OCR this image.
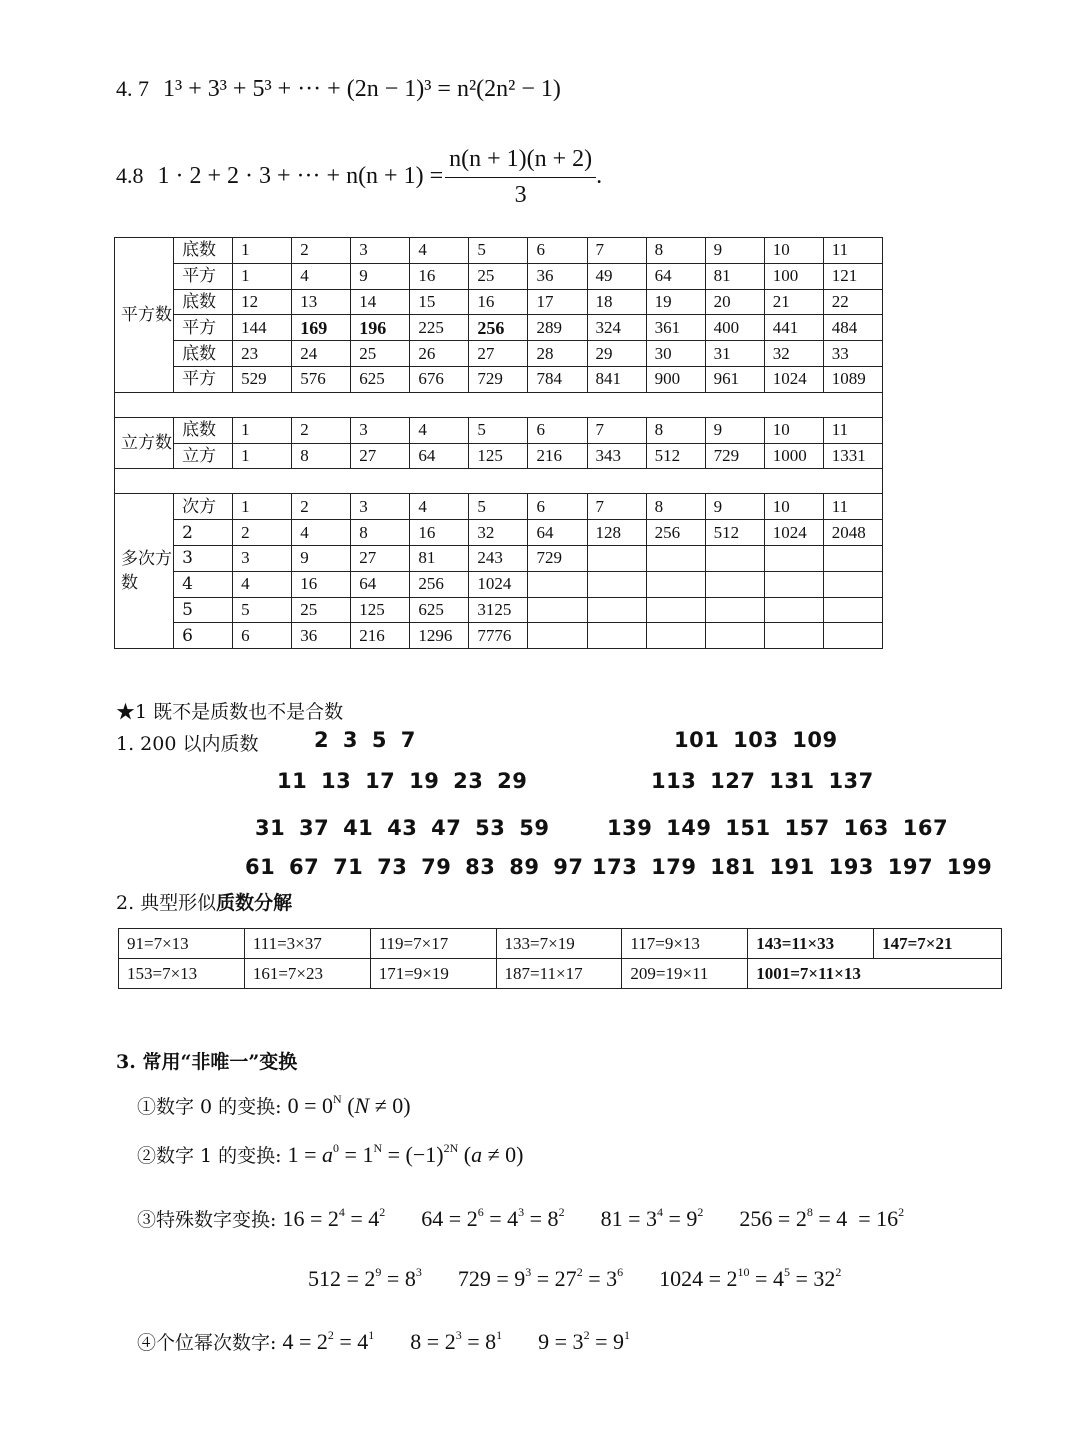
4. 7 1³ + 3³ + 5³ + ··· + (2n − 1)³ = n²(2n² − 1)
4.8 1 · 2 + 2 · 3 + ··· + $n(n + 1) = \frac{n(n + 1)(n + 2)}{3}$ .
平方数	底数	1	2	3	4	5	6	7	8	9	10	11
	平方	1	4	9	16	25	36	49	64	81	100	121
	底数	12	13	14	15	16	17	18	19	20	21	22
	平方	144	169	196	225	256	289	324	361	400	441	484
	底数	23	24	25	26	27	28	29	30	31	32	33
	平方	529	576	625	676	729	784	841	900	961	1024	1089

立方数	底数	1	2	3	4	5	6	7	8	9	10	11
	立方	1	8	27	64	125	216	343	512	729	1000	1331

多次方数	次方	1	2	3	4	5	6	7	8	9	10	11
	2	2	4	8	16	32	64	128	256	512	1024	2048
	3	3	9	27	81	243	729					
	4	4	16	64	256	1024						
	5	5	25	125	625	3125						
	6	6	36	216	1296	7776						
★1 既不是质数也不是合数
1. 200 以内质数	2 3 5 7
11 13 17 19 23 29
31 37 41 43 47 53 59
61 67 71 73 79 83 89 97
101 103 109
113 127 131 137
139 149 151 157 163 167
173 179 181 191 193 197 199
2. 典型形似质数分解
91=7×13	111=3×37	119=7×17	133=7×19	117=9×13	143=11×33	147=7×21
153=7×13	161=7×23	171=9×19	187=11×17	209=19×11	1001=7×11×13	
3. 常用“非唯一”变换
①数字 0 的变换: $0 = 0^N$ (N ≠ 0)
②数字 1 的变换: $1 = a^0 = 1^N = (-1)^{2N}$ (a ≠ 0)
③特殊数字变换: $16 = 2^4 = 4^2$ $64 = 2^6 = 4^3 = 8^2$ $81 = 3^4 = 9^2$ $256 = 2^8 = 4 = 16^2$
$512 = 2^9 = 8^3$ $729 = 9^3 = 27^2 = 3^6$ $1024 = 2^{10} = 4^5 = 32^2$
④个位幂次数字: $4 = 2^2 = 4^1$ $8 = 2^3 = 8^1$ $9 = 3^2 = 9^1$
